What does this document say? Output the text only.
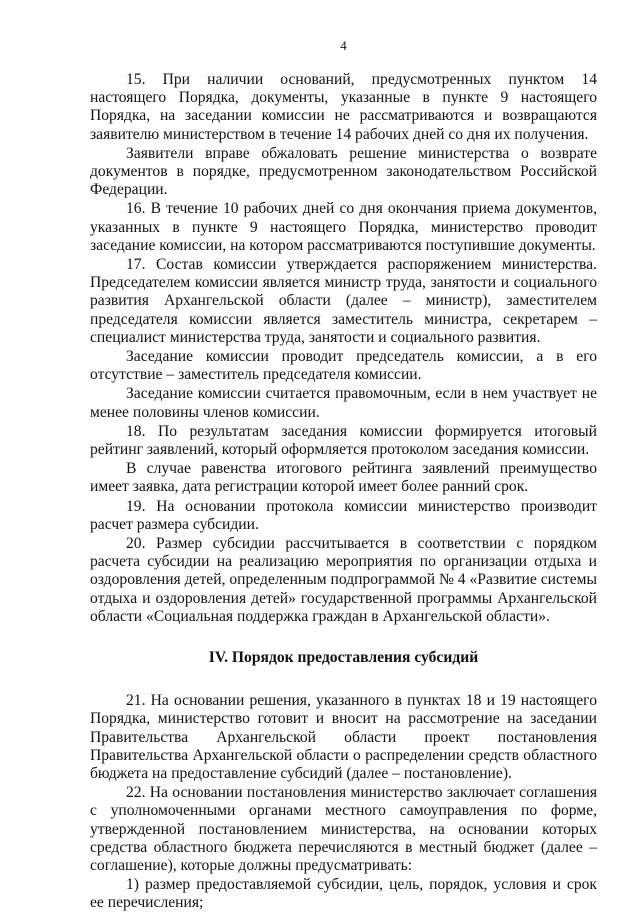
4

15. При наличии оснований, предусмотренных пунктом 14 настоящего Порядка, документы, указанные в пункте 9 настоящего Порядка, на заседании комиссии не рассматриваются и возвращаются заявителю министерством в течение 14 рабочих дней со дня их получения.

Заявители вправе обжаловать решение министерства о возврате документов в порядке, предусмотренном законодательством Российской Федерации.

16. В течение 10 рабочих дней со дня окончания приема документов, указанных в пункте 9 настоящего Порядка, министерство проводит заседание комиссии, на котором рассматриваются поступившие документы.

17. Состав комиссии утверждается распоряжением министерства. Председателем комиссии является министр труда, занятости и социального развития Архангельской области (далее – министр), заместителем председателя комиссии является заместитель министра, секретарем – специалист министерства труда, занятости и социального развития.

Заседание комиссии проводит председатель комиссии, а в его отсутствие – заместитель председателя комиссии.

Заседание комиссии считается правомочным, если в нем участвует не менее половины членов комиссии.

18. По результатам заседания комиссии формируется итоговый рейтинг заявлений, который оформляется протоколом заседания комиссии.

В случае равенства итогового рейтинга заявлений преимущество имеет заявка, дата регистрации которой имеет более ранний срок.

19. На основании протокола комиссии министерство производит расчет размера субсидии.

20. Размер субсидии рассчитывается в соответствии с порядком расчета субсидии на реализацию мероприятия по организации отдыха и оздоровления детей, определенным подпрограммой № 4 «Развитие системы отдыха и оздоровления детей» государственной программы Архангельской области «Социальная поддержка граждан в Архангельской области».

IV. Порядок предоставления субсидий

21. На основании решения, указанного в пунктах 18 и 19 настоящего Порядка, министерство готовит и вносит на рассмотрение на заседании Правительства Архангельской области проект постановления Правительства Архангельской области о распределении средств областного бюджета на предоставление субсидий (далее – постановление).

22. На основании постановления министерство заключает соглашения с уполномоченными органами местного самоуправления по форме, утвержденной постановлением министерства, на основании которых средства областного бюджета перечисляются в местный бюджет (далее – соглашение), которые должны предусматривать:

1) размер предоставляемой субсидии, цель, порядок, условия и срок ее перечисления;
